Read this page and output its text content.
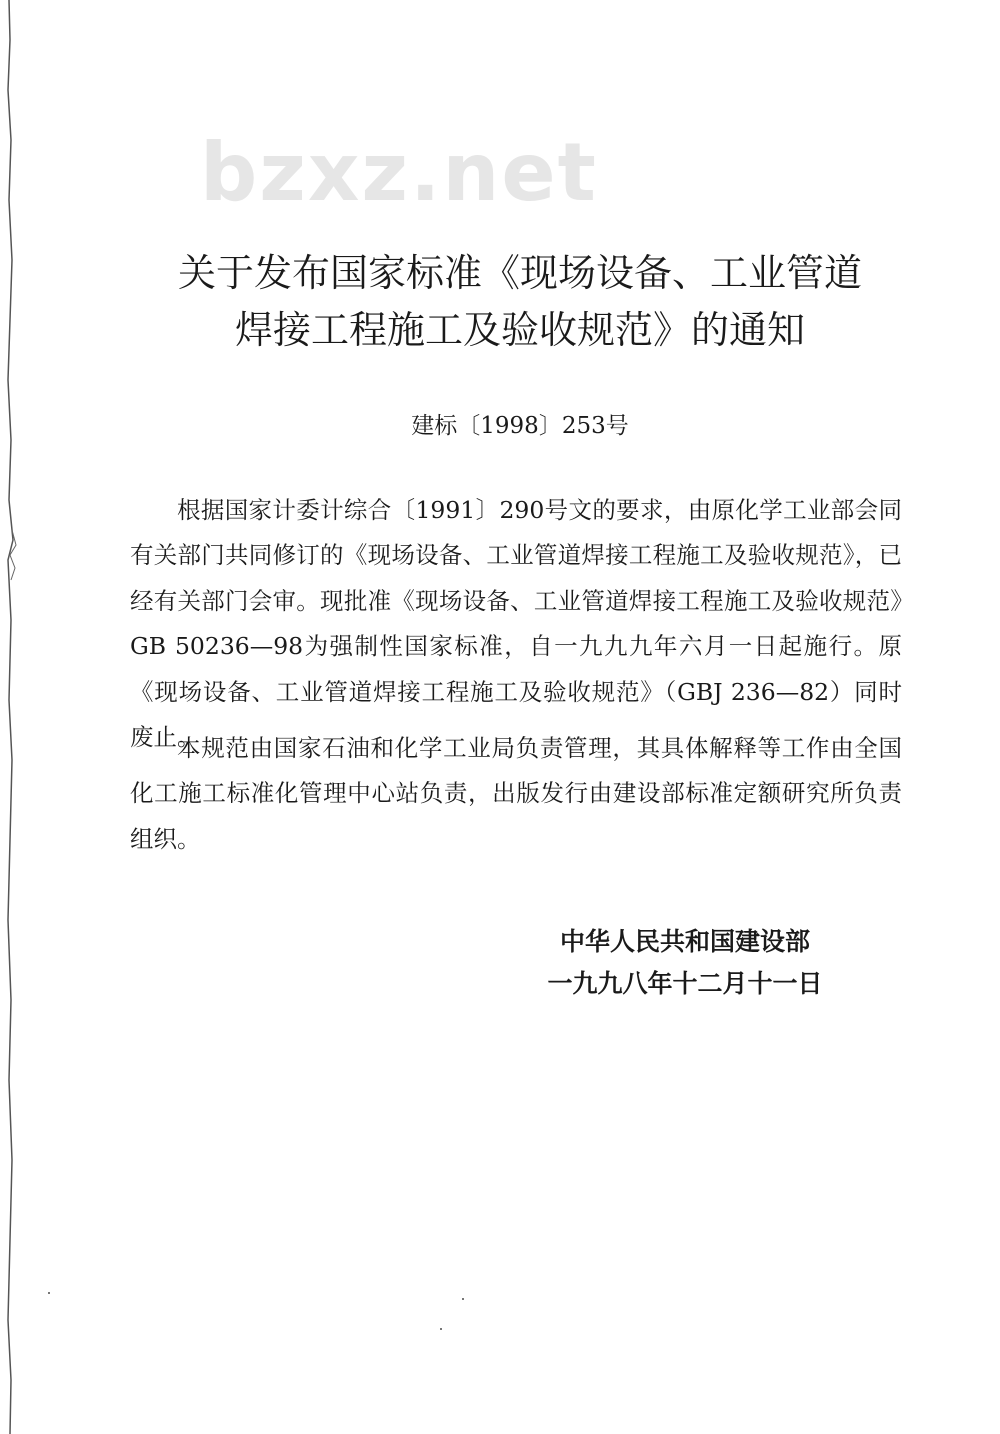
bzxz.net
关于发布国家标准《现场设备、工业管道
焊接工程施工及验收规范》的通知
建标〔1998〕253号

根据国家计委计综合〔1991〕290号文的要求，由原化学工业部会同有关部门共同修订的《现场设备、工业管道焊接工程施工及验收规范》，已经有关部门会审。现批准《现场设备、工业管道焊接工程施工及验收规范》GB 50236—98为强制性国家标准，自一九九九年六月一日起施行。原《现场设备、工业管道焊接工程施工及验收规范》（GBJ 236—82）同时废止。

本规范由国家石油和化学工业局负责管理，其具体解释等工作由全国化工施工标准化管理中心站负责，出版发行由建设部标准定额研究所负责组织。

中华人民共和国建设部
一九九八年十二月十一日
